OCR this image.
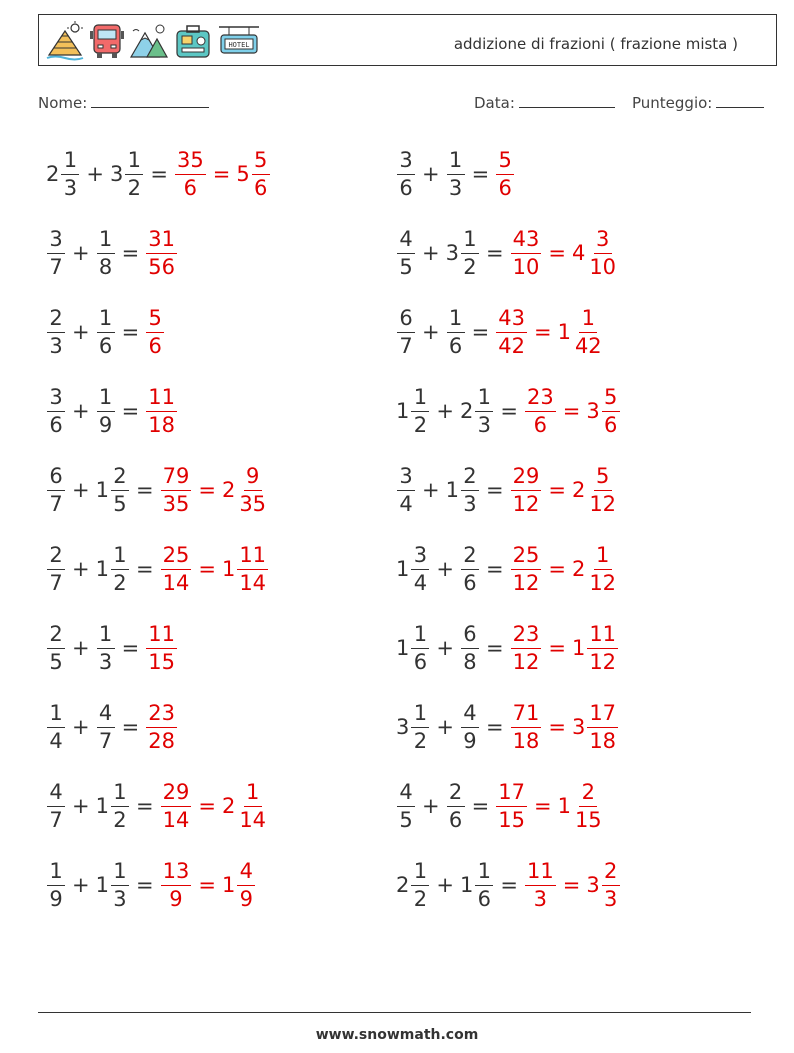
HOTEL	addizione di frazioni ( frazione mista )
Nome:	Data:	Punteggio:
$2 \frac{1}{3} + 3 \frac{1}{2} = \frac{35}{6} = 5 \frac{5}{6}$	$\frac{3}{6} + \frac{1}{3} = \frac{5}{6}$
$\frac{3}{7} + \frac{1}{8} = \frac{31}{56}$	$\frac{4}{5} + 3 \frac{1}{2} = \frac{43}{10} = 4 \frac{3}{10}$
$\frac{2}{3} + \frac{1}{6} = \frac{5}{6}$	$\frac{6}{7} + \frac{1}{6} = \frac{43}{42} = 1 \frac{1}{42}$
$\frac{3}{6} + \frac{1}{9} = \frac{11}{18}$	$1 \frac{1}{2} + 2 \frac{1}{3} = \frac{23}{6} = 3 \frac{5}{6}$
$\frac{6}{7} + 1 \frac{2}{5} = \frac{79}{35} = 2 \frac{9}{35}$	$\frac{3}{4} + 1 \frac{2}{3} = \frac{29}{12} = 2 \frac{5}{12}$
$\frac{2}{7} + 1 \frac{1}{2} = \frac{25}{14} = 1 \frac{11}{14}$	$1 \frac{3}{4} + \frac{2}{6} = \frac{25}{12} = 2 \frac{1}{12}$
$\frac{2}{5} + \frac{1}{3} = \frac{11}{15}$	$1 \frac{1}{6} + \frac{6}{8} = \frac{23}{12} = 1 \frac{11}{12}$
$\frac{1}{4} + \frac{4}{7} = \frac{23}{28}$	$3 \frac{1}{2} + \frac{4}{9} = \frac{71}{18} = 3 \frac{17}{18}$
$\frac{4}{7} + 1 \frac{1}{2} = \frac{29}{14} = 2 \frac{1}{14}$	$\frac{4}{5} + \frac{2}{6} = \frac{17}{15} = 1 \frac{2}{15}$
$\frac{1}{9} + 1 \frac{1}{3} = \frac{13}{9} = 1 \frac{4}{9}$	$2 \frac{1}{2} + 1 \frac{1}{6} = \frac{11}{3} = 3 \frac{2}{3}$
www.snowmath.com
